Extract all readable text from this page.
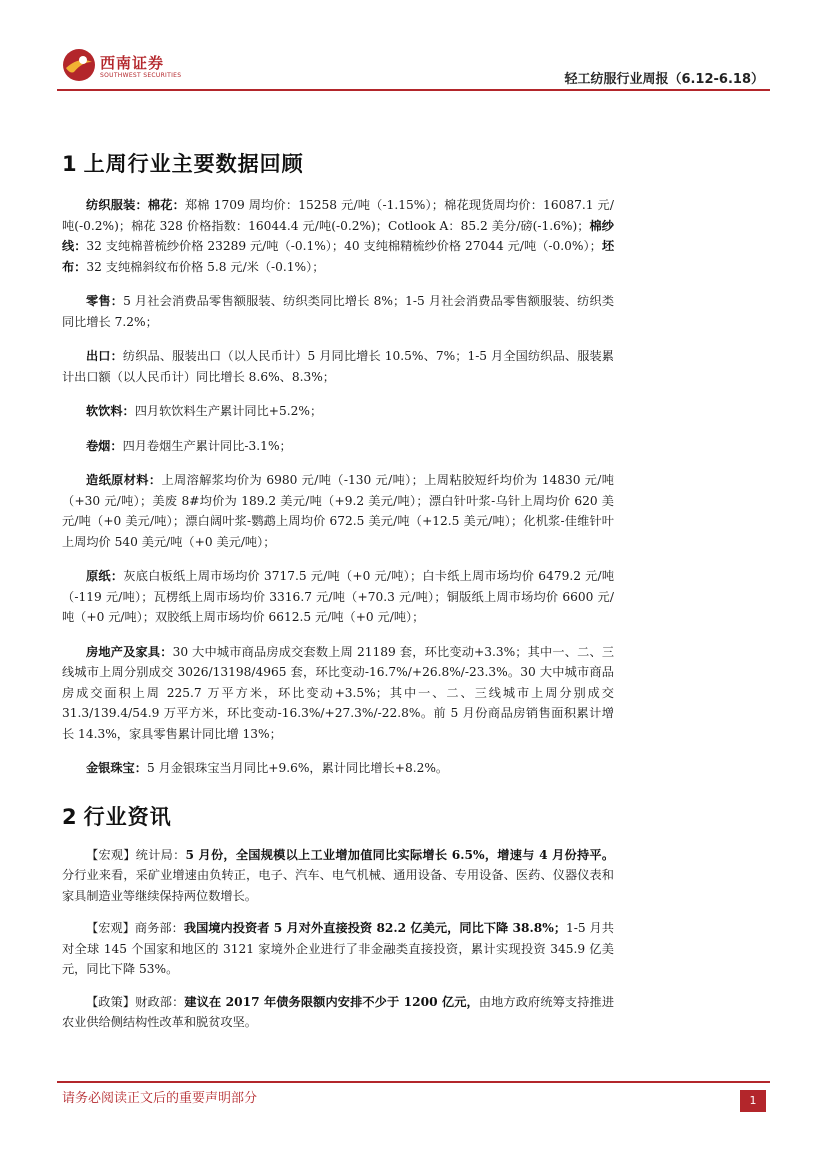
西南证券
SOUTHWEST SECURITIES	轻工纺服行业周报（6.12-6.18）
1 上周行业主要数据回顾

纺织服装：棉花：郑棉 1709 周均价：15258 元/吨（-1.15%）；棉花现货周均价：16087.1 元/吨(-0.2%)；棉花 328 价格指数：16044.4 元/吨(-0.2%)；Cotlook A：85.2 美分/磅(-1.6%)；棉纱线：32 支纯棉普梳纱价格 23289 元/吨（-0.1%）；40 支纯棉精梳纱价格 27044 元/吨（-0.0%）；坯布：32 支纯棉斜纹布价格 5.8 元/米（-0.1%）；

零售：5 月社会消费品零售额服装、纺织类同比增长 8%；1-5 月社会消费品零售额服装、纺织类同比增长 7.2%；

出口：纺织品、服装出口（以人民币计）5 月同比增长 10.5%、7%；1-5 月全国纺织品、服装累计出口额（以人民币计）同比增长 8.6%、8.3%；

软饮料：四月软饮料生产累计同比+5.2%；

卷烟：四月卷烟生产累计同比-3.1%；

造纸原材料：上周溶解浆均价为 6980 元/吨（-130 元/吨）；上周粘胶短纤均价为 14830 元/吨（+30 元/吨）；美废 8#均价为 189.2 美元/吨（+9.2 美元/吨）；漂白针叶浆-乌针上周均价 620 美元/吨（+0 美元/吨）；漂白阔叶浆-鹦鹉上周均价 672.5 美元/吨（+12.5 美元/吨）；化机浆-佳维针叶上周均价 540 美元/吨（+0 美元/吨）；

原纸：灰底白板纸上周市场均价 3717.5 元/吨（+0 元/吨）；白卡纸上周市场均价 6479.2 元/吨（-119 元/吨）；瓦楞纸上周市场均价 3316.7 元/吨（+70.3 元/吨）；铜版纸上周市场均价 6600 元/吨（+0 元/吨）；双胶纸上周市场均价 6612.5 元/吨（+0 元/吨）；

房地产及家具：30 大中城市商品房成交套数上周 21189 套，环比变动+3.3%；其中一、二、三线城市上周分别成交 3026/13198/4965 套，环比变动-16.7%/+26.8%/-23.3%。30 大中城市商品房成交面积上周 225.7 万平方米，环比变动+3.5%；其中一、二、三线城市上周分别成交 31.3/139.4/54.9 万平方米，环比变动-16.3%/+27.3%/-22.8%。前 5 月份商品房销售面积累计增长 14.3%，家具零售累计同比增 13%；

金银珠宝：5 月金银珠宝当月同比+9.6%，累计同比增长+8.2%。

2 行业资讯

【宏观】统计局：5 月份，全国规模以上工业增加值同比实际增长 6.5%，增速与 4 月份持平。分行业来看，采矿业增速由负转正，电子、汽车、电气机械、通用设备、专用设备、医药、仪器仪表和家具制造业等继续保持两位数增长。

【宏观】商务部：我国境内投资者 5 月对外直接投资 82.2 亿美元，同比下降 38.8%；1-5 月共对全球 145 个国家和地区的 3121 家境外企业进行了非金融类直接投资，累计实现投资 345.9 亿美元，同比下降 53%。

【政策】财政部：建议在 2017 年债务限额内安排不少于 1200 亿元，由地方政府统筹支持推进农业供给侧结构性改革和脱贫攻坚。

请务必阅读正文后的重要声明部分	1
